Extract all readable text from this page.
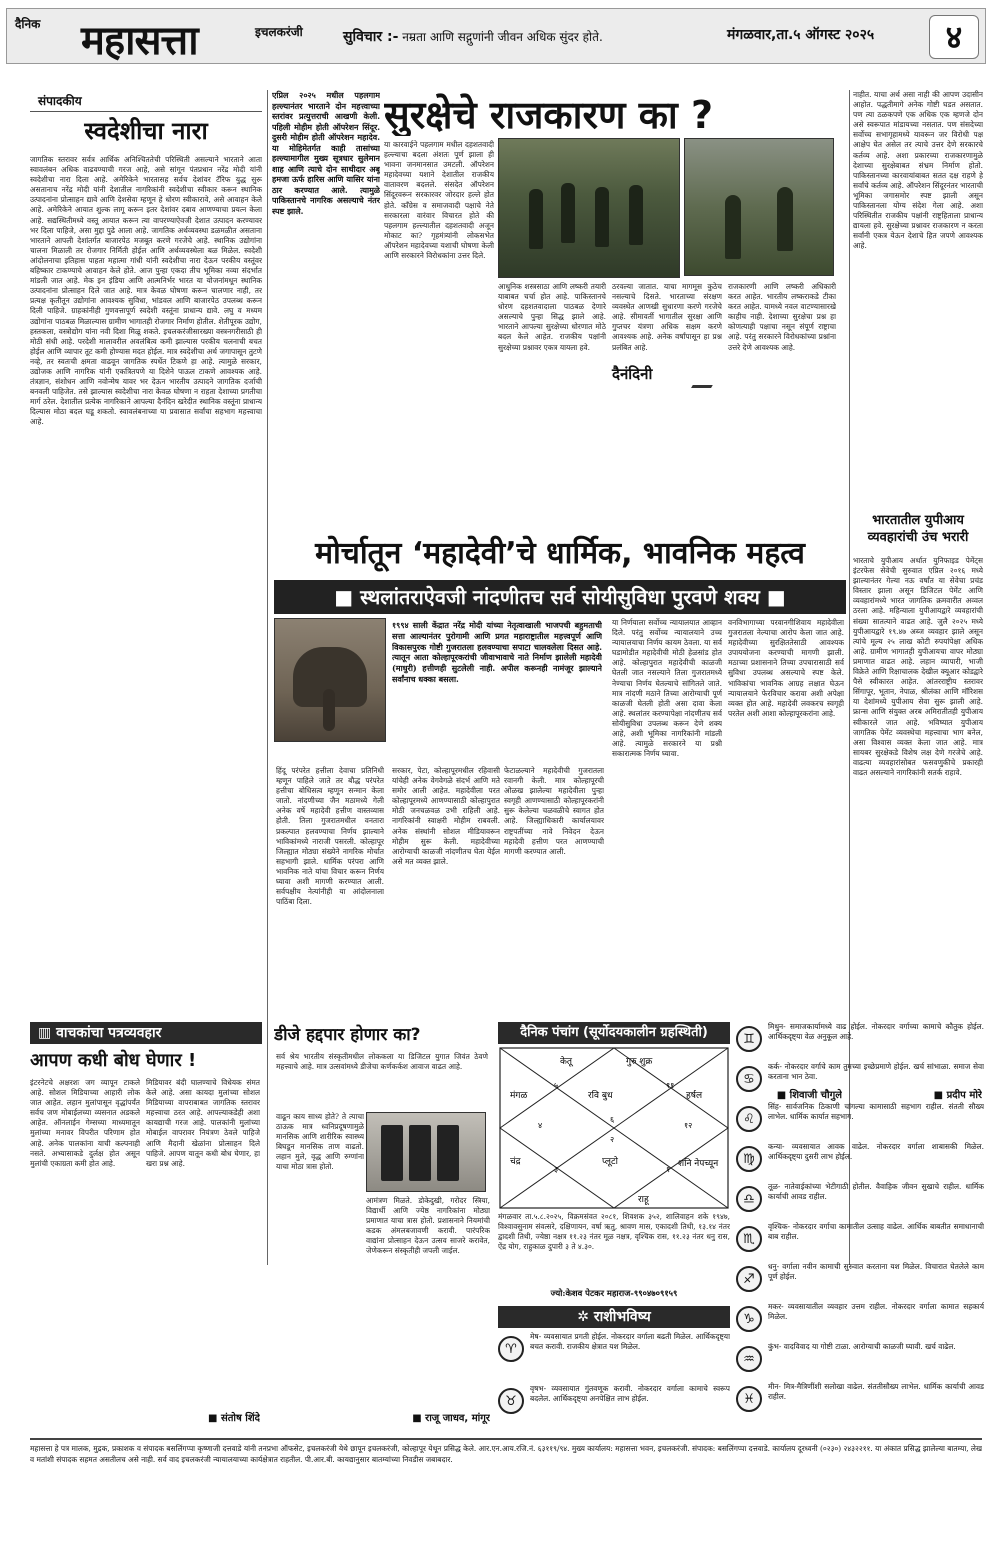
दैनिक महासत्ता	इचलकरंजी	सुविचार :- नम्रता आणि सद्गुणांनी जीवन अधिक सुंदर होते.	मंगळवार,ता.५ ऑगस्ट २०२५	४
संपादकीय
स्वदेशीचा नारा
जागतिक स्तरावर सर्वत्र आर्थिक अनिश्चिततेची परिस्थिती असल्याने भारताने आता स्वावलंबन अधिक वाढवण्याची गरज आहे, असे सांगून पंतप्रधान नरेंद्र मोदी यांनी स्वदेशीचा नारा दिला आहे. अमेरिकेने भारतासह सर्वच देशांवर टॅरिफ युद्ध सुरू असतानाच नरेंद्र मोदी यांनी देशातील नागरिकांनी स्वदेशीचा स्वीकार करून स्थानिक उत्पादनांना प्रोत्साहन द्यावे आणि देशसेवा म्हणून हे धोरण स्वीकारावे, असे आवाहन केले आहे. अमेरिकेने आयात शुल्क लागू करून इतर देशांवर दबाव आणण्याचा प्रयत्न केला आहे. सद्यस्थितीमध्ये वस्तू आयात करून त्या वापरण्याऐवजी देशात उत्पादन करण्यावर भर दिला पाहिजे, असा मुद्दा पुढे आला आहे. जागतिक अर्थव्यवस्था डळमळीत असताना भारताने आपली देशांतर्गत बाजारपेठ मजबूत करणे गरजेचे आहे. स्थानिक उद्योगांना चालना मिळाली तर रोजगार निर्मिती होईल आणि अर्थव्यवस्थेला बळ मिळेल. स्वदेशी आंदोलनाचा इतिहास पाहता महात्मा गांधी यांनी स्वदेशीचा नारा देऊन परकीय वस्तूंवर बहिष्कार टाकण्याचे आवाहन केले होते. आज पुन्हा एकदा तीच भूमिका नव्या संदर्भात मांडली जात आहे. मेक इन इंडिया आणि आत्मनिर्भर भारत या योजनांमधून स्थानिक उत्पादनांना प्रोत्साहन दिले जात आहे. मात्र केवळ घोषणा करून चालणार नाही, तर प्रत्यक्ष कृतीतून उद्योगांना आवश्यक सुविधा, भांडवल आणि बाजारपेठ उपलब्ध करून दिली पाहिजे. ग्राहकांनीही गुणवत्तापूर्ण स्वदेशी वस्तूंना प्राधान्य द्यावे. लघु व मध्यम उद्योगांना पाठबळ मिळाल्यास ग्रामीण भागातही रोजगार निर्माण होतील. शेतीपूरक उद्योग, हस्तकला, वस्त्रोद्योग यांना नवी दिशा मिळू शकते. इचलकरंजीसारख्या वस्त्रनगरीसाठी ही मोठी संधी आहे. परदेशी मालावरील अवलंबित्व कमी झाल्यास परकीय चलनाची बचत होईल आणि व्यापार तूट कमी होण्यास मदत होईल. मात्र स्वदेशीचा अर्थ जगापासून तुटणे नव्हे, तर स्वतःची क्षमता वाढवून जागतिक स्पर्धेत टिकणे हा आहे. त्यामुळे सरकार, उद्योजक आणि नागरिक यांनी एकत्रितपणे या दिशेने पाऊल टाकणे आवश्यक आहे. तंत्रज्ञान, संशोधन आणि नवोन्मेष यावर भर देऊन भारतीय उत्पादने जागतिक दर्जाची बनवली पाहिजेत. तसे झाल्यास स्वदेशीचा नारा केवळ घोषणा न राहता देशाच्या प्रगतीचा मार्ग ठरेल. देशातील प्रत्येक नागरिकाने आपल्या दैनंदिन खरेदीत स्थानिक वस्तूंना प्राधान्य दिल्यास मोठा बदल घडू शकतो. स्वावलंबनाच्या या प्रवासात सर्वांचा सहभाग महत्त्वाचा आहे.
एप्रिल २०२५ मधील पहलगाम हल्ल्यानंतर भारताने दोन महत्त्वाच्या स्तरांवर प्रत्युत्तराची आखणी केली. पहिली मोहीम होती ऑपरेशन सिंदूर. दुसरी मोहीम होती ऑपरेशन महादेव. या मोहिमेतर्गत काही तासांच्या हल्ल्यामागील मुख्य सूत्रधार सुलेमान शाह आणि त्याचे दोन साथीदार अबू हमजा ऊर्फ हारिस आणि यासिर यांना ठार करण्यात आले. त्यामुळे पाकिस्तानचे नागरिक असल्याचे नंतर स्पष्ट झाले.
सुरक्षेचे राजकारण का ?
या कारवाईने पहलगाम मधील दहशतवादी हल्ल्याचा बदला अंशतः पूर्ण झाला ही भावना जनमानसात उमटली. ऑपरेशन महादेवच्या यशाने देशातील राजकीय वातावरण बदलले. संसदेत ऑपरेशन सिंदूरवरून सरकारवर जोरदार हल्ले होत होते. काँग्रेस व समाजवादी पक्षाचे नेते सरकारला वारंवार विचारत होते की पहलगाम हल्ल्यातील दहशतवादी अजून मोकाट का? गृहमंत्र्यांनी लोकसभेत ऑपरेशन महादेवच्या यशाची घोषणा केली आणि सरकारने विरोधकांना उत्तर दिले.
आधुनिक शस्त्रसाठा आणि लष्करी तयारी याबाबत चर्चा होत आहे. पाकिस्तानचे धोरण दहशतवादाला पाठबळ देणारे असल्याचे पुन्हा सिद्ध झाले आहे. भारताने आपल्या सुरक्षेच्या धोरणात मोठे बदल केले आहेत. राजकीय पक्षांनी सुरक्षेच्या प्रश्नावर एकत्र यायला हवे.
ठरवल्या जातात. याचा मागमूस कुठेच नसल्याचे दिसते. भारताच्या संरक्षण व्यवस्थेत आणखी सुधारणा करणे गरजेचे आहे. सीमावर्ती भागातील सुरक्षा आणि गुप्तचर यंत्रणा अधिक सक्षम करणे आवश्यक आहे. अनेक वर्षांपासून हा प्रश्न प्रलंबित आहे.
राजकारणी आणि लष्करी अधिकारी करत आहेत. भारतीय लष्कराकडे टीका करत आहेत. यामध्ये नवल वाटण्यासारखे काहीच नाही. देशाच्या सुरक्षेचा प्रश्न हा कोणत्याही पक्षाचा नसून संपूर्ण राष्ट्राचा आहे. परंतु सरकारने विरोधकांच्या प्रश्नांना उत्तरे देणे आवश्यक आहे.
दैनंदिनी
नाहीत. याचा अर्थ असा नाही की आपण उदासीन आहोत. पद्धतीमागे अनेक गोष्टी घडत असतात. पण त्या ठळकपणे एक अधिक एक म्हणजे दोन असे स्वरूपात मांडायच्या नसतात. पण संसदेच्या सर्वोच्च सभागृहामध्ये यावरून जर विरोधी पक्ष आक्षेप घेत असेल तर त्याचे उत्तर देणे सरकारचे कर्तव्य आहे. अशा प्रकारच्या राजकारणामुळे देशाच्या सुरक्षेबाबत संभ्रम निर्माण होतो. पाकिस्तानच्या कारवायांबाबत सतत दक्ष राहणे हे सर्वांचे कर्तव्य आहे. ऑपरेशन सिंदूरनंतर भारताची भूमिका जगासमोर स्पष्ट झाली असून पाकिस्तानला योग्य संदेश गेला आहे. अशा परिस्थितीत राजकीय पक्षांनी राष्ट्रहिताला प्राधान्य द्यायला हवे. सुरक्षेच्या प्रश्नावर राजकारण न करता सर्वांनी एकत्र येऊन देशाचे हित जपणे आवश्यक आहे.
मोर्चातून ‘महादेवी’चे धार्मिक, भावनिक महत्व
■ स्थलांतराऐवजी नांदणीतच सर्व सोयीसुविधा पुरवणे शक्य ■
१९९४ साली केंद्रात नरेंद्र मोदी यांच्या नेतृत्वाखाली भाजपची बहुमताची सत्ता आल्यानंतर पुरोगामी आणि प्रगत महाराष्ट्रातील महत्त्वपूर्ण आणि विकासपुरक गोष्टी गुजरातला हलवण्याचा सपाटा चालवलेला दिसत आहे. त्यातून आता कोल्हापूरकरांची जीवाभावाचे नाते निर्माण झालेली महादेवी (माधुरी) हत्तीणही सुटलेली नाही. अपील करूनही नामंजूर झाल्याने सर्वांनाच धक्का बसला.
हिंदू परंपरेत हत्तीला देवाचा प्रतिनिधी म्हणून पाहिले जाते तर बौद्ध परंपरेत हत्तीचा बोधिसत्व म्हणून सन्मान केला जातो. नांदणीच्या जैन मठामध्ये गेली अनेक वर्षे महादेवी हत्तीण वास्तव्यास होती. तिला गुजरातमधील वनतारा प्रकल्पात हलवण्याचा निर्णय झाल्याने भाविकांमध्ये नाराजी पसरली. कोल्हापूर जिल्ह्यात मोठ्या संख्येने नागरिक मोर्चात सहभागी झाले. धार्मिक परंपरा आणि भावनिक नाते यांचा विचार करून निर्णय घ्यावा अशी मागणी करण्यात आली. सर्वपक्षीय नेत्यांनीही या आंदोलनाला पाठिंबा दिला.
सरकार, पेटा, कोल्हापूरमधील रहिवासी यांचेही अनेक वेगवेगळे संदर्भ आणि मते समोर आली आहेत. महादेवीला परत कोल्हापूरमध्ये आणण्यासाठी कोल्हापुरात मोठी जनचळवळ उभी राहिली आहे. नागरिकांनी स्वाक्षरी मोहीम राबवली. अनेक संस्थांनी सोशल मीडियावरून मोहीम सुरू केली. महादेवीच्या आरोग्याची काळजी नांदणीतच घेता येईल असे मत व्यक्त झाले.
फेटाळल्याने महादेवीची गुजरातला रवानगी केली. मात्र कोल्हापूरची ओळख झालेल्या महादेवीला पुन्हा स्वगृही आणण्यासाठी कोल्हापूरकरांनी सुरू केलेल्या चळवळीचे स्वागत होत आहे. जिल्ह्याधिकारी कार्यालयावर राष्ट्रपतींच्या नावे निवेदन देऊन महादेवी हत्तीण परत आणण्याची मागणी करण्यात आली.
या निर्णयाला सर्वोच्च न्यायालयात आव्हान दिले. परंतु सर्वोच्च न्यायालयाने उच्च न्यायालयाचा निर्णय कायम ठेवला. या सर्व घडामोडीत महादेवीची मोठी हेळसांड होत आहे. कोल्हापुरात महादेवीची काळजी घेतली जात नसल्याने तिला गुजरातमध्ये नेण्याचा निर्णय घेतल्याचे सांगितले जाते. मात्र नांदणी मठाने तिच्या आरोग्याची पूर्ण काळजी घेतली होती असा दावा केला आहे. स्थलांतर करण्यापेक्षा नांदणीतच सर्व सोयीसुविधा उपलब्ध करून देणे शक्य आहे, अशी भूमिका नागरिकांनी मांडली आहे. त्यामुळे सरकारने या प्रश्नी सकारात्मक निर्णय घ्यावा.
वनविभागाच्या परवानगीशिवाय महादेवीला गुजरातला नेल्याचा आरोप केला जात आहे. महादेवीच्या सुरक्षिततेसाठी आवश्यक उपाययोजना करण्याची मागणी झाली. मठाच्या प्रशासनाने तिच्या उपचारासाठी सर्व सुविधा उपलब्ध असल्याचे स्पष्ट केले. भाविकांचा भावनिक आग्रह लक्षात घेऊन न्यायालयाने फेरविचार करावा अशी अपेक्षा व्यक्त होत आहे. महादेवी लवकरच स्वगृही परतेल अशी आशा कोल्हापूरकरांना आहे.
■ शिवाजी चौगुले
भारतातील युपीआय व्यवहारांची उंच भरारी
भारताचे युपीआय अर्थात युनिफाइड पेमेंट्स इंटरफेस सेवेची सुरुवात एप्रिल २०१६ मध्ये झाल्यानंतर गेल्या नऊ वर्षांत या सेवेचा प्रचंड विस्तार झाला असून डिजिटल पेमेंट आणि व्यवहारांमध्ये भारत जागतिक क्रमवारीत अव्वल ठरला आहे. महिन्याला युपीआयद्वारे व्यवहारांची संख्या सातत्याने वाढत आहे. जुलै २०२५ मध्ये युपीआयद्वारे १९.४७ अब्ज व्यवहार झाले असून त्यांचे मूल्य २५ लाख कोटी रुपयांपेक्षा अधिक आहे. ग्रामीण भागातही युपीआयचा वापर मोठ्या प्रमाणात वाढत आहे. लहान व्यापारी, भाजी विक्रेते आणि रिक्षाचालक देखील क्यूआर कोडद्वारे पैसे स्वीकारत आहेत. आंतरराष्ट्रीय स्तरावर सिंगापूर, भूतान, नेपाळ, श्रीलंका आणि मॉरिशस या देशांमध्ये युपीआय सेवा सुरू झाली आहे. फ्रान्स आणि संयुक्त अरब अमिरातीतही युपीआय स्वीकारले जात आहे. भविष्यात युपीआय जागतिक पेमेंट व्यवस्थेचा महत्त्वाचा भाग बनेल, असा विश्वास व्यक्त केला जात आहे. मात्र सायबर सुरक्षेकडे विशेष लक्ष देणे गरजेचे आहे. वाढत्या व्यवहारांसोबत फसवणुकीचे प्रकारही वाढत असल्याने नागरिकांनी सतर्क राहावे.
■ प्रदीप मोरे
▥ वाचकांचा पत्रव्यवहार
आपण कधी बोध घेणार !
इंटरनेटचे अक्षरशः जग व्यापून टाकले आहे. सोशल मिडियाच्या आहारी लोक जात आहेत. लहान मुलांपासून वृद्धांपर्यंत सर्वच जण मोबाईलच्या व्यसनात अडकले आहेत. ऑनलाईन गेम्सच्या माध्यमातून मुलांच्या मनावर विपरीत परिणाम होत आहे. अनेक पालकांना याची कल्पनाही नसते. अभ्यासाकडे दुर्लक्ष होत असून मुलांची एकाग्रता कमी होत आहे.
मिडियावर बंदी घालण्याचे विधेयक संमत केले आहे. असा कायदा मुलांच्या सोशल मिडियाच्या वापराबाबत जागतिक स्तरावर महत्त्वाचा ठरत आहे. आपल्याकडेही अशा कायद्याची गरज आहे. पालकांनी मुलांच्या मोबाईल वापरावर नियंत्रण ठेवले पाहिजे आणि मैदानी खेळांना प्रोत्साहन दिले पाहिजे. आपण यातून कधी बोध घेणार, हा खरा प्रश्न आहे.
■ संतोष शिंदे
डीजे हद्दपार होणार का?
सर्व श्रेय भारतीय संस्कृतीमधील लोककला या डिजिटल युगात जिवंत ठेवणे महत्त्वाचे आहे. मात्र उत्सवांमध्ये डीजेचा कर्णकर्कश आवाज वाढत आहे.
वाढून काय साध्य होते? ते त्याचा ठाऊक मात्र ध्वनिप्रदूषणामुळे मानसिक आणि शारीरिक स्वास्थ्य बिघडून मानसिक ताण वाढतो. लहान मुले, वृद्ध आणि रुग्णांना याचा मोठा त्रास होतो.
आमंत्रण मिळते. डोकेदुखी, गरोदर स्त्रिया, विद्यार्थी आणि ज्येष्ठ नागरिकांना मोठ्या प्रमाणात याचा त्रास होतो. प्रशासनाने नियमांची कडक अंमलबजावणी करावी. पारंपरिक वाद्यांना प्रोत्साहन देऊन उत्सव साजरे करावेत, जेणेकरून संस्कृतीही जपली जाईल.
■ राजू जाधव, मांगूर
दैनिक पंचांग (सूर्योदयकालीन ग्रहस्थिती)
केतू	गुरु शुक्र
मंगळ	रवि बुध	हर्षल
चंद्र	शनि नेपच्यून
प्लूटो
राहू
६
५
४
३
२
१
१२
११
मंगळवार ता.५.८.२०२५, विक्रमसंवत २०८१, शिवशक ३५२, शालिवाहन शके १९४७, विश्वावसुनाम संवत्सरे, दक्षिणायन, वर्षा ऋतु, श्रावण मास, एकादशी तिथी, १३.१४ नंतर द्वादशी तिथी, ज्येष्ठा नक्षत्र ११.२३ नंतर मूळ नक्षत्र, वृश्चिक रास, ११.२३ नंतर धनु रास, ऐंद्र योग, राहुकाळ दुपारी ३ ते ४.३०.
ज्यो:केशव पेटकर महाराज-९९०४७०९१५९
✲ राशीभविष्य
♈
मेष- व्यवसायात प्रगती होईल. नोकरदार वर्गाला बढती मिळेल. आर्थिकदृष्ट्या बचत करावी. राजकीय क्षेत्रात यश मिळेल.
♉
वृषभ- व्यवसायात गुंतवणूक करावी. नोकरदार वर्गाला कामाचे स्वरूप बदलेल. आर्थिकदृष्ट्या अनपेक्षित लाभ होईल.
♊
मिथुन- समाजकार्यामध्ये वाढ होईल. नोकरदार वर्गाच्या कामाचे कौतुक होईल. आर्थिकदृष्ट्या वेळ अनुकूल आहे.
♋
कर्क- नोकरदार वर्गाचे काम तुमच्या इच्छेप्रमाणे होईल. खर्च सांभाळा. समाज सेवा करताना भान ठेवा.
♌
सिंह- सार्वजनिक ठिकाणी चांगल्या कामासाठी सहभाग राहील. संतती सौख्य लाभेल. धार्मिक कार्यात सहभाग.
♍
कन्या- व्यवसायात आवक वाढेल. नोकरदार वर्गाला शाबासकी मिळेल. आर्थिकदृष्ट्या दुसरी लाभ होईल.
♎
तूळ- नातेवाईकांच्या भेटीगाठी होतील. वैवाहिक जीवन सुखाचे राहील. धार्मिक कार्याची आवड राहील.
♏
वृश्चिक- नोकरदार वर्गाचा कामातील उत्साह वाढेल. आर्थिक बाबतीत समाधानाची बाब राहील.
♐
धनु- वर्गाला नवीन कामाची सुरुवात करताना यश मिळेल. विचारात घेतलेले काम पूर्ण होईल.
♑
मकर- व्यवसायातील व्यवहार उत्तम राहील. नोकरदार वर्गाला कामात सहकार्य मिळेल.
♒
कुंभ- वादविवाद या गोष्टी टाळा. आरोग्याची काळजी घ्यावी. खर्च वाढेल.
♓
मीन- मित्र-मैत्रिणींशी सलोखा वाढेल. संततीसौख्य लाभेल. धार्मिक कार्याची आवड राहील.
महासत्ता हे पत्र मालक, मुद्रक, प्रकाशक व संपादक बसलिंगप्पा कृष्णाजी दत्तवाडे यांनी तनप्रभा ऑफसेट, इचलकरंजी येथे छापून इचलकरंजी, कोल्हापूर येथून प्रसिद्ध केले. आर.एन.आय.रजि.नं. ६३११९/९४. मुख्य कार्यालय: महासत्ता भवन, इचलकरंजी. संपादक: बसलिंगप्पा दत्तवाडे. कार्यालय दूरध्वनी (०२३०) २४३२२११. या अंकात प्रसिद्ध झालेल्या बातम्या, लेख व मतांशी संपादक सहमत असतीलच असे नाही. सर्व वाद इचलकरंजी न्यायालयाच्या कार्यक्षेत्रात राहतील. पी.आर.बी. कायद्यानुसार बातम्यांच्या निवडीस जबाबदार.
